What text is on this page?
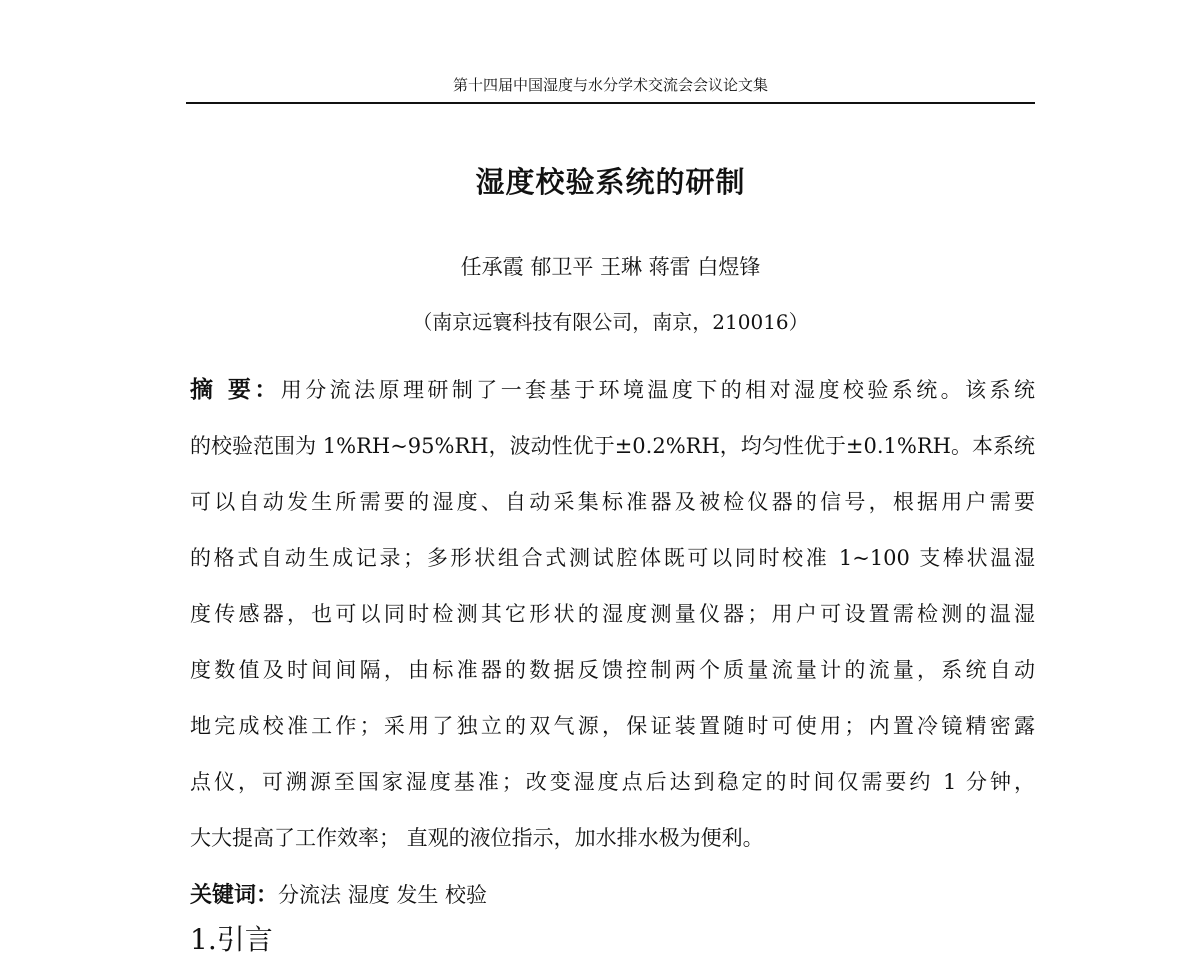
第十四届中国湿度与水分学术交流会会议论文集
湿度校验系统的研制
任承霞 郁卫平 王琳 蒋雷 白煜锋
（南京远寰科技有限公司，南京，210016）
摘 要：用分流法原理研制了一套基于环境温度下的相对湿度校验系统。该系统
的校验范围为 1%RH~95%RH，波动性优于±0.2%RH，均匀性优于±0.1%RH。本系统
可以自动发生所需要的湿度、自动采集标准器及被检仪器的信号，根据用户需要
的格式自动生成记录；多形状组合式测试腔体既可以同时校准 1~100 支棒状温湿
度传感器，也可以同时检测其它形状的湿度测量仪器；用户可设置需检测的温湿
度数值及时间间隔，由标准器的数据反馈控制两个质量流量计的流量，系统自动
地完成校准工作；采用了独立的双气源，保证装置随时可使用；内置冷镜精密露
点仪，可溯源至国家湿度基准；改变湿度点后达到稳定的时间仅需要约 1 分钟，
大大提高了工作效率； 直观的液位指示，加水排水极为便利。
关键词：分流法 湿度 发生 校验
1.引言
